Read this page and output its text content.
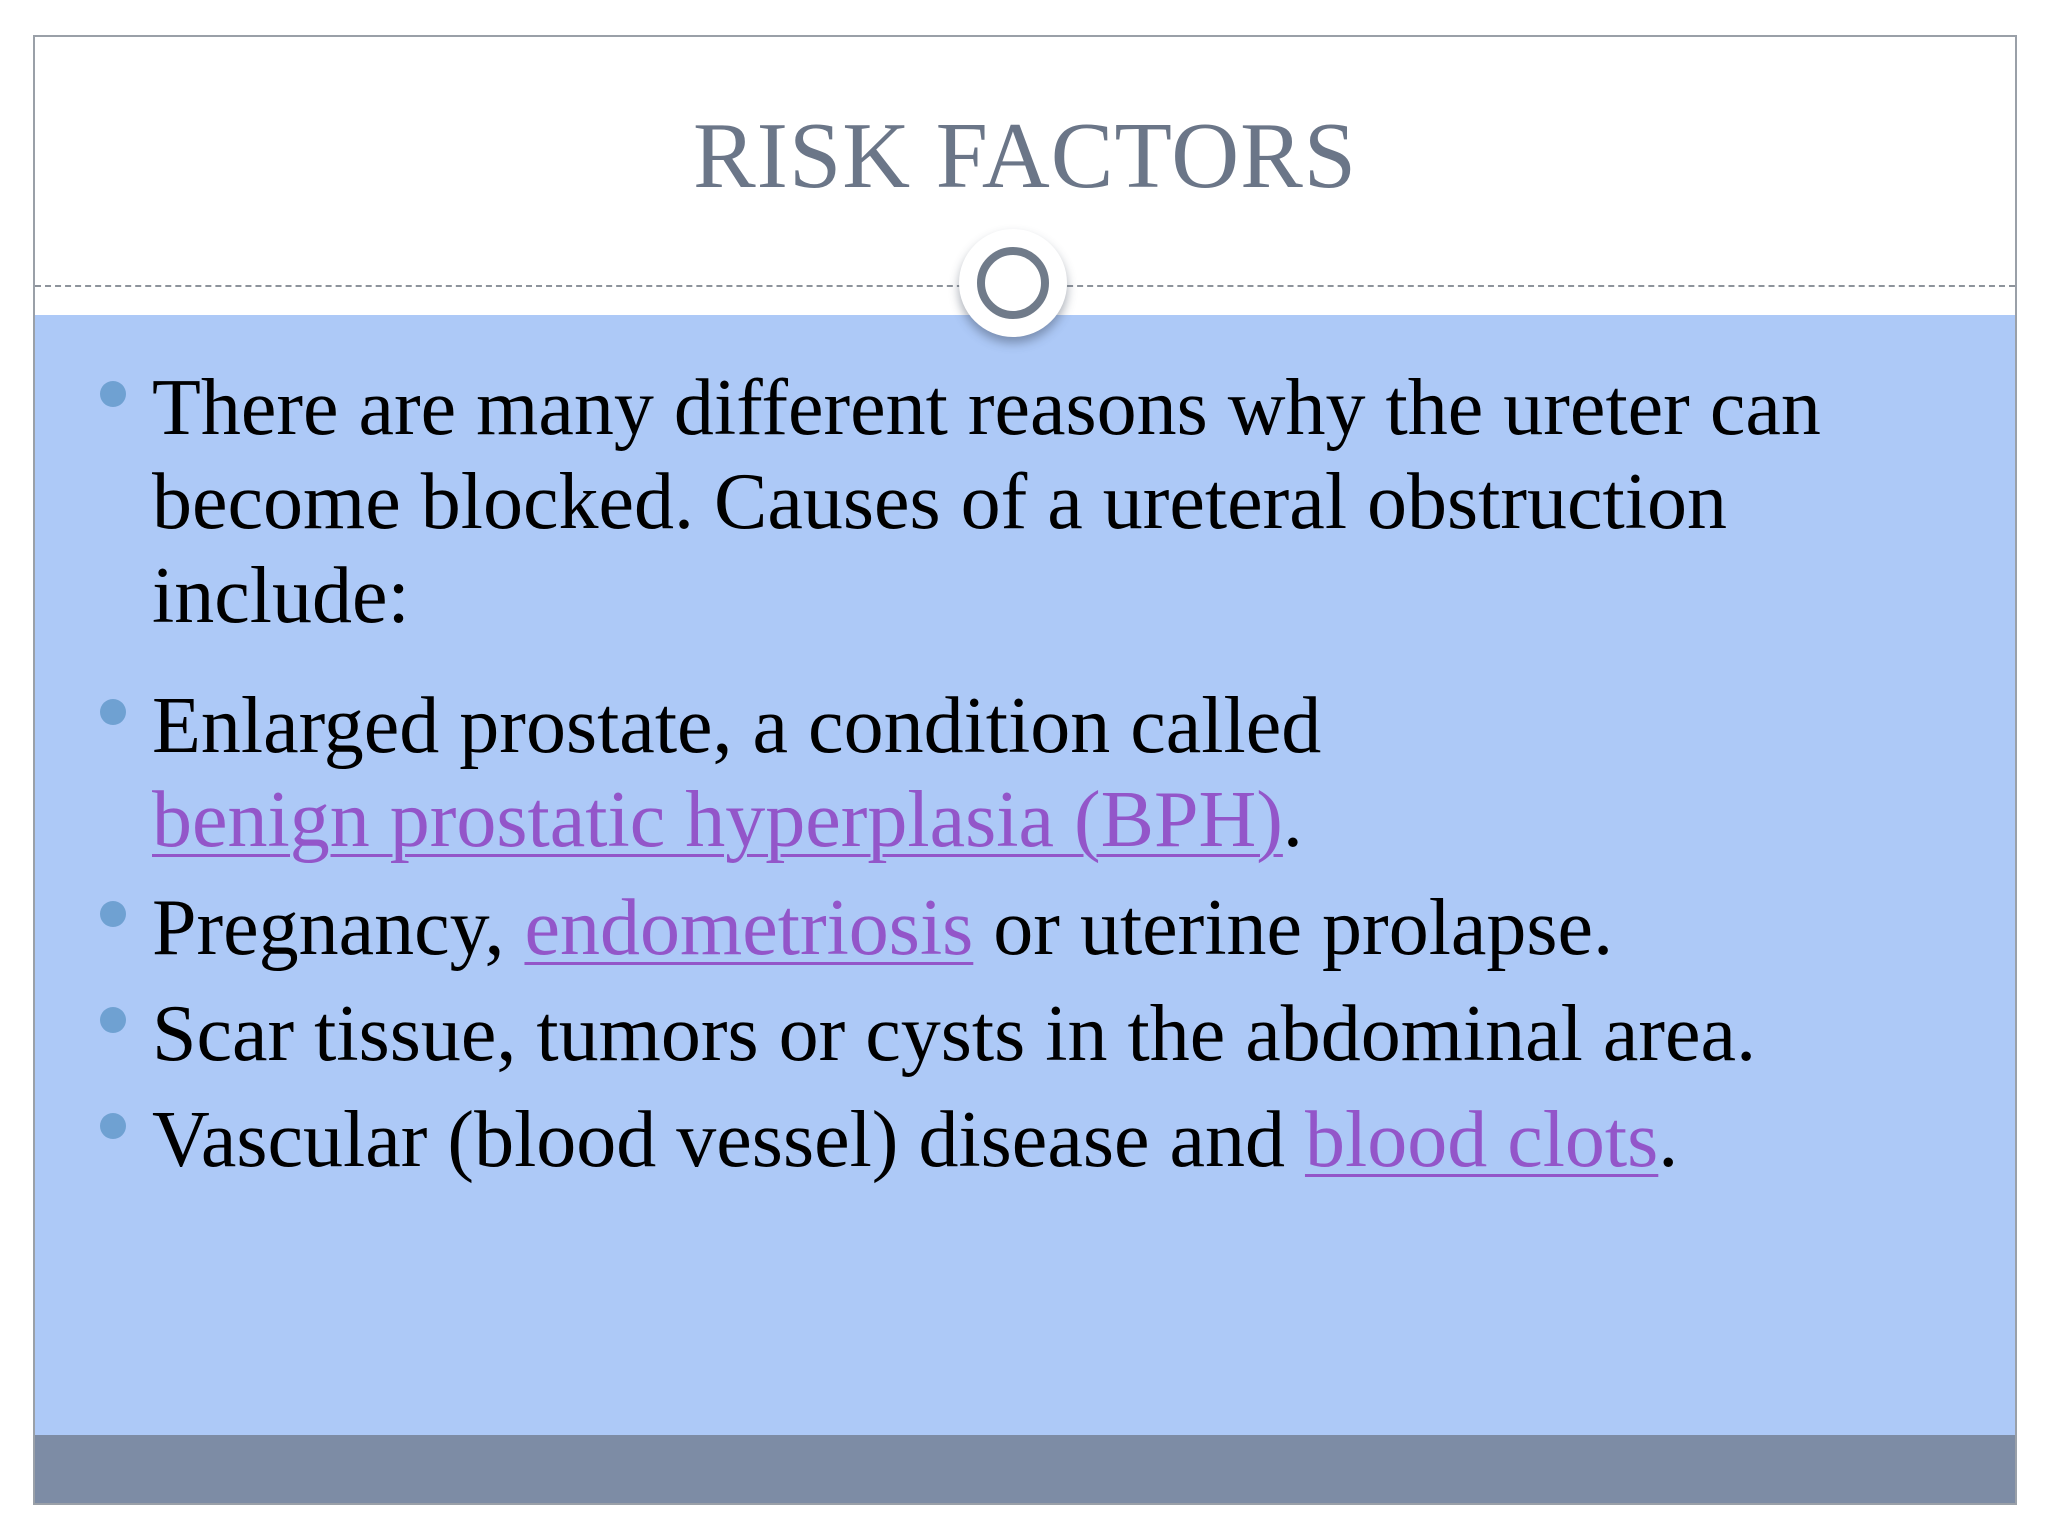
RISK FACTORS
There are many different reasons why the ureter can become blocked. Causes of a ureteral obstruction include:
Enlarged prostate, a condition called
benign prostatic hyperplasia (BPH).
Pregnancy, endometriosis or uterine prolapse.
Scar tissue, tumors or cysts in the abdominal area.
Vascular (blood vessel) disease and blood clots.
